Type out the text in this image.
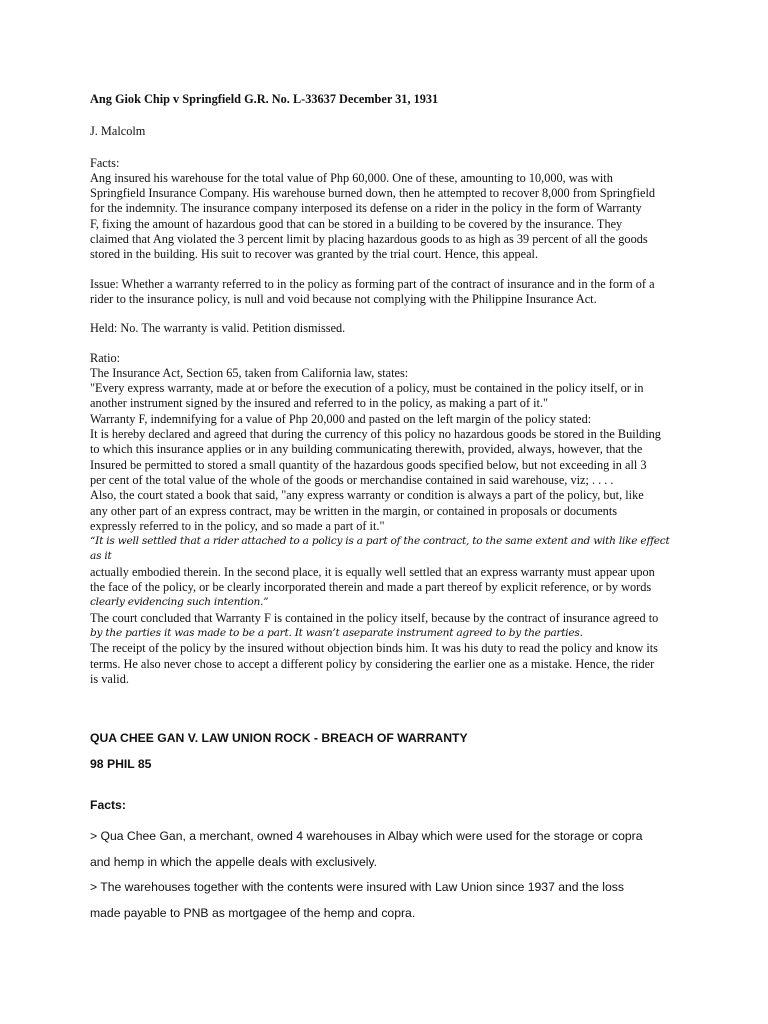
Ang Giok Chip v Springfield G.R. No. L-33637 December 31, 1931

J. Malcolm

Facts:

Ang insured his warehouse for the total value of Php 60,000. One of these, amounting to 10,000, was with

Springfield Insurance Company. His warehouse burned down, then he attempted to recover 8,000 from Springfield

for the indemnity. The insurance company interposed its defense on a rider in the policy in the form of Warranty

F, fixing the amount of hazardous good that can be stored in a building to be covered by the insurance. They

claimed that Ang violated the 3 percent limit by placing hazardous goods to as high as 39 percent of all the goods

stored in the building. His suit to recover was granted by the trial court. Hence, this appeal.

Issue: Whether a warranty referred to in the policy as forming part of the contract of insurance and in the form of a

rider to the insurance policy, is null and void because not complying with the Philippine Insurance Act.

Held: No. The warranty is valid. Petition dismissed.

Ratio:

The Insurance Act, Section 65, taken from California law, states:

"Every express warranty, made at or before the execution of a policy, must be contained in the policy itself, or in

another instrument signed by the insured and referred to in the policy, as making a part of it."

Warranty F, indemnifying for a value of Php 20,000 and pasted on the left margin of the policy stated:

It is hereby declared and agreed that during the currency of this policy no hazardous goods be stored in the Building

to which this insurance applies or in any building communicating therewith, provided, always, however, that the

Insured be permitted to stored a small quantity of the hazardous goods specified below, but not exceeding in all 3

per cent of the total value of the whole of the goods or merchandise contained in said warehouse, viz; . . . .

Also, the court stated a book that said, "any express warranty or condition is always a part of the policy, but, like

any other part of an express contract, may be written in the margin, or contained in proposals or documents

expressly referred to in the policy, and so made a part of it."

“It is well settled that a rider attached to a policy is a part of the contract, to the same extent and with like effect as it

actually embodied therein. In the second place, it is equally well settled that an express warranty must appear upon

the face of the policy, or be clearly incorporated therein and made a part thereof by explicit reference, or by words

clearly evidencing such intention.”

The court concluded that Warranty F is contained in the policy itself, because by the contract of insurance agreed to

by the parties it was made to be a part. It wasn’t aseparate instrument agreed to by the parties.

The receipt of the policy by the insured without objection binds him. It was his duty to read the policy and know its

terms. He also never chose to accept a different policy by considering the earlier one as a mistake. Hence, the rider

is valid.

QUA CHEE GAN V. LAW UNION ROCK - BREACH OF WARRANTY

98 PHIL 85

Facts:

> Qua Chee Gan, a merchant, owned 4 warehouses in Albay which were used for the storage or copra
and hemp in which the appelle deals with exclusively.
> The warehouses together with the contents were insured with Law Union since 1937 and the loss
made payable to PNB as mortgagee of the hemp and copra.
